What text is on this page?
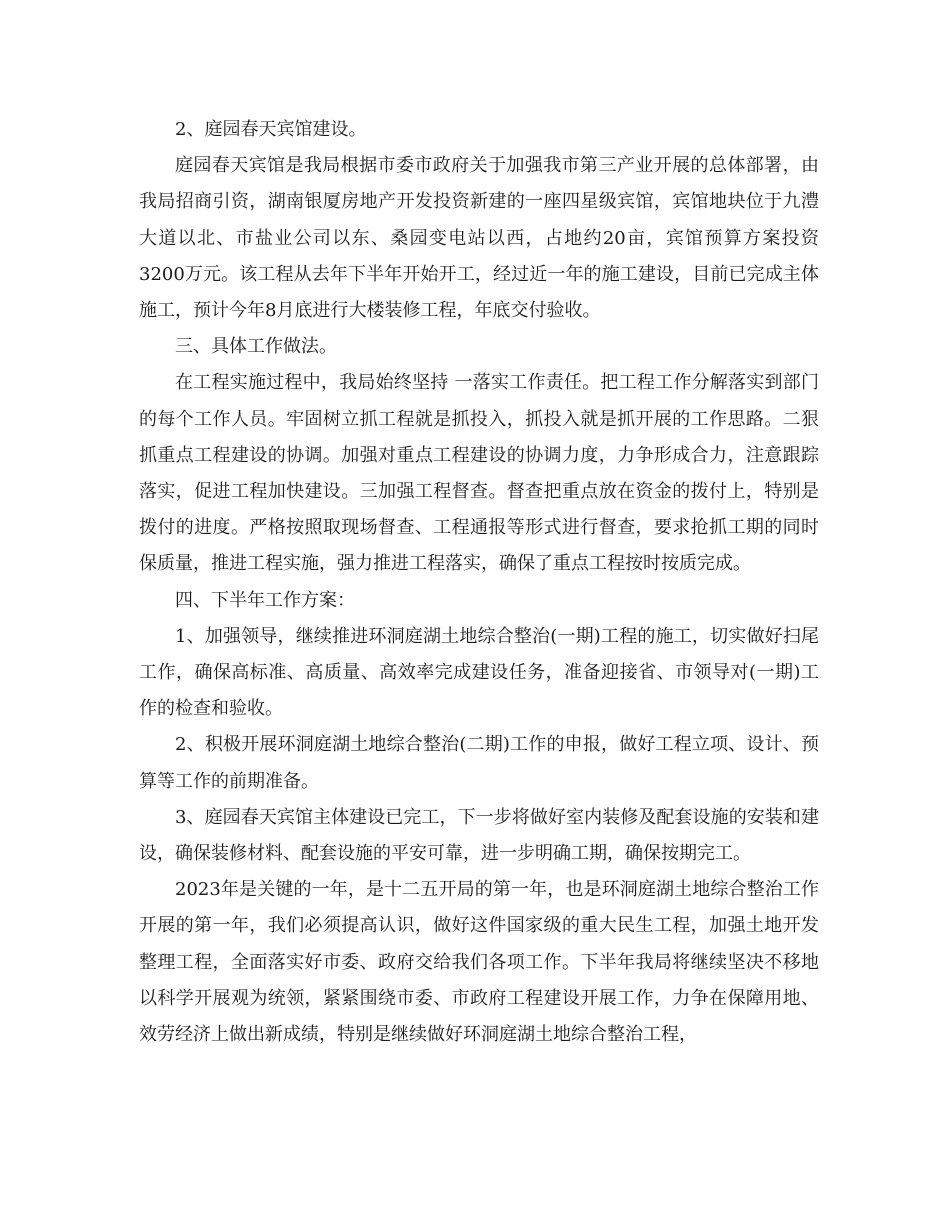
2、庭园春天宾馆建设。

庭园春天宾馆是我局根据市委市政府关于加强我市第三产业开展的总体部署，由我局招商引资，湖南银厦房地产开发投资新建的一座四星级宾馆，宾馆地块位于九澧大道以北、市盐业公司以东、桑园变电站以西，占地约20亩，宾馆预算方案投资3200万元。该工程从去年下半年开始开工，经过近一年的施工建设，目前已完成主体施工，预计今年8月底进行大楼装修工程，年底交付验收。

三、具体工作做法。

在工程实施过程中，我局始终坚持 一落实工作责任。把工程工作分解落实到部门的每个工作人员。牢固树立抓工程就是抓投入，抓投入就是抓开展的工作思路。二狠抓重点工程建设的协调。加强对重点工程建设的协调力度，力争形成合力，注意跟踪落实，促进工程加快建设。三加强工程督查。督查把重点放在资金的拨付上，特别是拨付的进度。严格按照取现场督查、工程通报等形式进行督查，要求抢抓工期的同时保质量，推进工程实施，强力推进工程落实，确保了重点工程按时按质完成。

四、下半年工作方案：

1、加强领导，继续推进环洞庭湖土地综合整治(一期)工程的施工，切实做好扫尾工作，确保高标准、高质量、高效率完成建设任务，准备迎接省、市领导对(一期)工作的检查和验收。

2、积极开展环洞庭湖土地综合整治(二期)工作的申报，做好工程立项、设计、预算等工作的前期准备。

3、庭园春天宾馆主体建设已完工，下一步将做好室内装修及配套设施的安装和建设，确保装修材料、配套设施的平安可靠，进一步明确工期，确保按期完工。

2023年是关键的一年，是十二五开局的第一年，也是环洞庭湖土地综合整治工作开展的第一年，我们必须提高认识，做好这件国家级的重大民生工程，加强土地开发整理工程，全面落实好市委、政府交给我们各项工作。下半年我局将继续坚决不移地以科学开展观为统领，紧紧围绕市委、市政府工程建设开展工作，力争在保障用地、效劳经济上做出新成绩，特别是继续做好环洞庭湖土地综合整治工程，
